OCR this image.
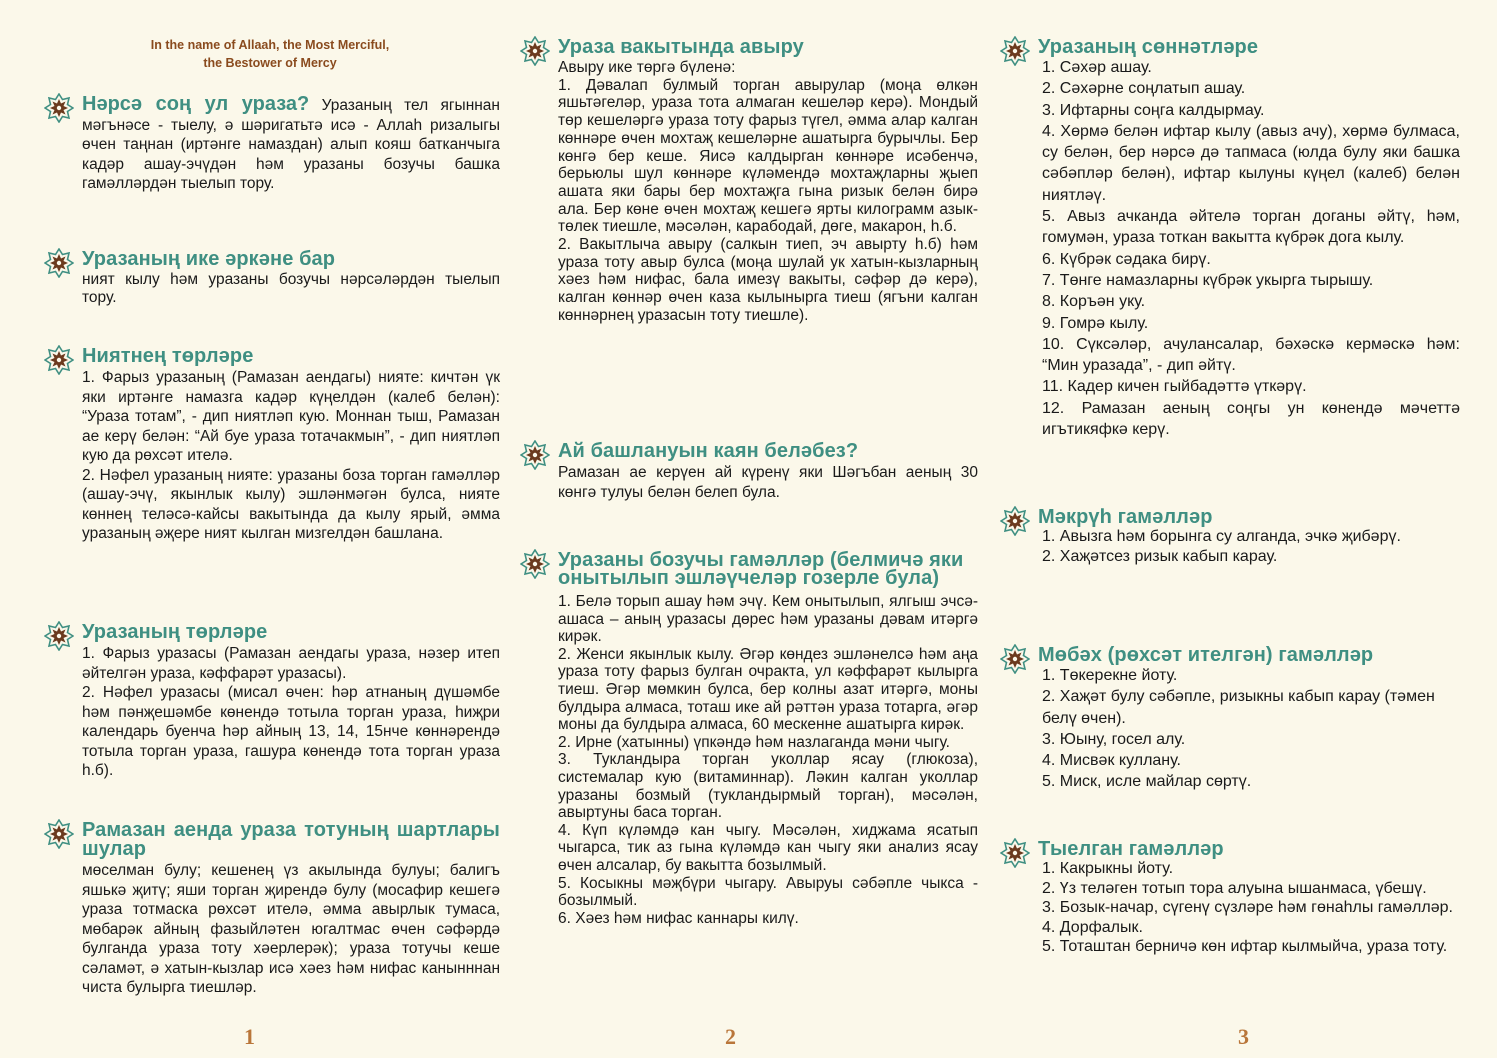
In the name of Allaah, the Most Merciful,
the Bestower of Mercy
Нәрсә соң ул ураза? Уразаның тел ягыннан мәгънәсе - тыелу, ә шәригатьтә исә - Аллаһ ризалыгы өчен таңнан (иртәнге намаздан) алып кояш батканчыга кадәр ашау-эчүдән һәм уразаны бозучы башка гамәлләрдән тыелып тору.
Уразаның ике әркәне бар
ният кылу һәм уразаны бозучы нәрсәләрдән тыелып тору.
Ниятнең төрләре

1. Фарыз уразаның (Рамазан аендагы) нияте: кичтән үк яки иртәнге намазга кадәр күңелдән (калеб белән): “Ураза тотам”, - дип ниятләп кую. Моннан тыш, Рамазан ае керү белән: “Ай буе ураза тотачакмын”, - дип ниятләп кую да рөхсәт ителә.

2. Нәфел уразаның нияте: уразаны боза торган гамәлләр (ашау-эчү, якынлык кылу) эшләнмәгән булса, нияте көннең теләсә-кайсы вакытында да кылу ярый, әмма уразаның әҗере ният кылган мизгелдән башлана.

Уразаның төрләре

1. Фарыз уразасы (Рамазан аендагы ураза, нәзер итеп әйтелгән ураза, кәффарәт уразасы).

2. Нәфел уразасы (мисал өчен: һәр атнаның дүшәмбе һәм пәнҗешәмбе көнендә тотыла торган ураза, һиҗри календарь буенча һәр айның 13, 14, 15нче көннәрендә тотыла торган ураза, гашура көнендә тота торган ураза һ.б).

Рамазан аенда ураза тотуның шартлары шулар
мөселман булу; кешенең үз акылында булуы; балигъ яшькә җитү; яши торган җирендә булу (мосафир кешегә ураза тотмаска рөхсәт ителә, әмма авырлык тумаса, мөбарәк айның фазыйләтен югалтмас өчен сәфәрдә булганда ураза тоту хәерлерәк); ураза тотучы кеше сәламәт, ә хатын-кызлар исә хәез һәм нифас канынннан чиста булырга тиешләр.
Ураза вакытында авыру

Авыру ике төргә бүленә:

1. Дәвалап булмый торган авырулар (моңа өлкән яшьтәгеләр, ураза тота алмаган кешеләр керә). Мондый төр кешеләргә ураза тоту фарыз түгел, әмма алар калган көннәре өчен мохтаҗ кешеләрне ашатырга бурычлы. Бер көнгә бер кеше. Яисә калдырган көннәре исәбенчә, берьюлы шул көннәре күләмендә мохтаҗларны җыеп ашата яки бары бер мохтаҗга гына ризык белән бирә ала. Бер көне өчен мохтаҗ кешегә ярты килограмм азык-төлек тиешле, мәсәлән, карабодай, дөге, макарон, һ.б.

2. Вакытлыча авыру (салкын тиеп, эч авырту һ.б) һәм ураза тоту авыр булса (моңа шулай ук хатын-кызларның хәез һәм нифас, бала имезү вакыты, сәфәр дә керә), калган көннәр өчен каза кылынырга тиеш (ягъни калган көннәрнең уразасын тоту тиешле).

Ай башлануын каян беләбез?
Рамазан ае керүен ай күренү яки Шәгъбан аеның 30 көнгә тулуы белән белеп була.
Уразаны бозучы гамәлләр (белмичә яки онытылып эшләүчеләр гозерле була)

1. Белә торып ашау һәм эчү. Кем онытылып, ялгыш эчсә-ашаса – аның уразасы дөрес һәм уразаны дәвам итәргә кирәк.

2. Женси якынлык кылу. Әгәр көндез эшләнелсә һәм аңа ураза тоту фарыз булган очракта, ул кәффарәт кылырга тиеш. Әгәр мөмкин булса, бер колны азат итәргә, моны булдыра алмаса, тоташ ике ай рәттән ураза тотарга, әгәр моны да булдыра алмаса, 60 мескенне ашатырга кирәк.

2. Ирне (хатынны) үпкәндә һәм назлаганда мәни чыгу.

3. Тукландыра торган уколлар ясау (глюкоза), системалар кую (витаминнар). Ләкин калган уколлар уразаны бозмый (тукландырмый торган), мәсәлән, авыртуны баса торган.

4. Күп күләмдә кан чыгу. Мәсәлән, хиджама ясатып чыгарса, тик аз гына күләмдә кан чыгу яки анализ ясау өчен алсалар, бу вакытта бозылмый.

5. Косыкны мәҗбүри чыгару. Авыруы сәбәпле чыкса - бозылмый.

6. Хәез һәм нифас каннары килү.

Уразаның сөннәтләре

1. Сәхәр ашау.

2. Сәхәрне соңлатып ашау.

3. Ифтарны соңга калдырмау.

4. Хөрмә белән ифтар кылу (авыз ачу), хөрмә булмаса, су белән, бер нәрсә дә тапмаса (юлда булу яки башка сәбәпләр белән), ифтар кылуны күңел (калеб) белән ниятләү.

5. Авыз ачканда әйтелә торган доганы әйтү, һәм, гомумән, ураза тоткан вакытта күбрәк дога кылу.

6. Күбрәк сәдака бирү.

7. Төнге намазларны күбрәк укырга тырышу.

8. Коръән уку.

9. Гомрә кылу.

10. Сүксәләр, ачулансалар, бәхәскә кермәскә һәм: “Мин уразада”, - дип әйтү.

11. Кадер кичен гыйбадәттә үткәрү.

12. Рамазан аеның соңгы ун көнендә мәчеттә игътикяфкә керү.

Мәкрүһ гамәлләр

1. Авызга һәм борынга су алганда, эчкә җибәрү.

2. Хаҗәтсез ризык кабып карау.

Мөбәх (рөхсәт ителгән) гамәлләр

1. Төкерекне йоту.

2. Хаҗәт булу сәбәпле, ризыкны кабып карау (тәмен белү өчен).

3. Юыну, госел алу.

4. Мисвәк куллану.

5. Миск, исле майлар сөртү.

Тыелган гамәлләр

1. Какрыкны йоту.

2. Үз теләген тотып тора алуына ышанмаса, үбешү.

3. Бозык-начар, сүгенү сүзләре һәм гөнаһлы гамәлләр.

4. Дорфалык.

5. Тоташтан берничә көн ифтар кылмыйча, ураза тоту.

1	2	3
